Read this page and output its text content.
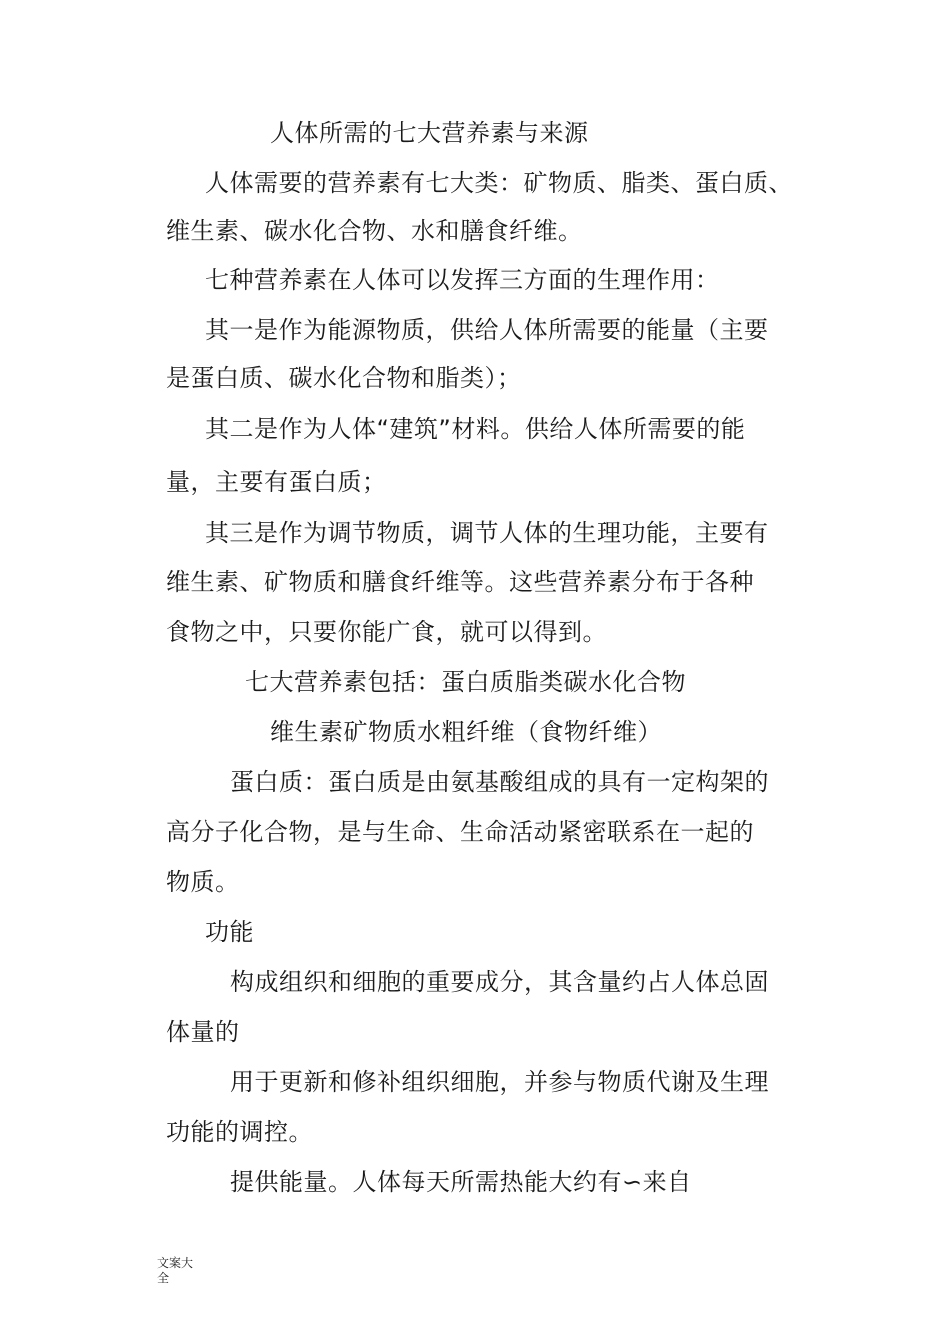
人体所需的七大营养素与来源
人体需要的营养素有七大类：矿物质、脂类、蛋白质、
维生素、碳水化合物、水和膳食纤维。
七种营养素在人体可以发挥三方面的生理作用：
其一是作为能源物质，供给人体所需要的能量（主要
是蛋白质、碳水化合物和脂类）；
其二是作为人体“建筑”材料。供给人体所需要的能
量，主要有蛋白质；
其三是作为调节物质，调节人体的生理功能，主要有
维生素、矿物质和膳食纤维等。这些营养素分布于各种
食物之中，只要你能广食，就可以得到。
七大营养素包括：蛋白质脂类碳水化合物
维生素矿物质水粗纤维（食物纤维）
蛋白质：蛋白质是由氨基酸组成的具有一定构架的
高分子化合物，是与生命、生命活动紧密联系在一起的
物质。
功能
构成组织和细胞的重要成分，其含量约占人体总固
体量的
用于更新和修补组织细胞，并参与物质代谢及生理
功能的调控。
提供能量。人体每天所需热能大约有∽来自
文案大
全
